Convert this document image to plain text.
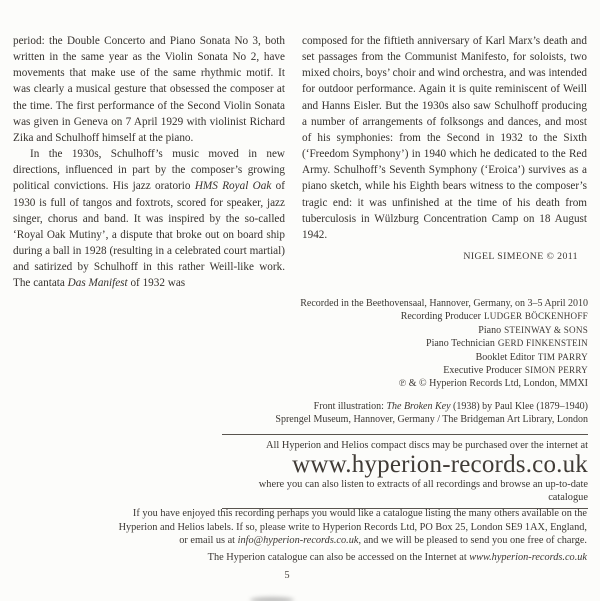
period: the Double Concerto and Piano Sonata No 3, both written in the same year as the Violin Sonata No 2, have movements that make use of the same rhythmic motif. It was clearly a musical gesture that obsessed the composer at the time. The first performance of the Second Violin Sonata was given in Geneva on 7 April 1929 with violinist Richard Zika and Schulhoff himself at the piano.

In the 1930s, Schulhoff’s music moved in new directions, influenced in part by the composer’s growing political convictions. His jazz oratorio HMS Royal Oak of 1930 is full of tangos and foxtrots, scored for speaker, jazz singer, chorus and band. It was inspired by the so-called ‘Royal Oak Mutiny’, a dispute that broke out on board ship during a ball in 1928 (resulting in a celebrated court martial) and satirized by Schulhoff in this rather Weill-like work. The cantata Das Manifest of 1932 was

composed for the fiftieth anniversary of Karl Marx’s death and set passages from the Communist Manifesto, for soloists, two mixed choirs, boys’ choir and wind orchestra, and was intended for outdoor performance. Again it is quite reminiscent of Weill and Hanns Eisler. But the 1930s also saw Schulhoff producing a number of arrangements of folksongs and dances, and most of his symphonies: from the Second in 1932 to the Sixth (‘Freedom Symphony’) in 1940 which he dedicated to the Red Army. Schulhoff’s Seventh Symphony (‘Eroica’) survives as a piano sketch, while his Eighth bears witness to the composer’s tragic end: it was unfinished at the time of his death from tuberculosis in Wülzburg Concentration Camp on 18 August 1942.

NIGEL SIMEONE © 2011
Recorded in the Beethovensaal, Hannover, Germany, on 3–5 April 2010
Recording Producer LUDGER BÖCKENHOFF
Piano STEINWAY & SONS
Piano Technician GERD FINKENSTEIN
Booklet Editor TIM PARRY
Executive Producer SIMON PERRY
℗ & © Hyperion Records Ltd, London, MMXI
Front illustration: The Broken Key (1938) by Paul Klee (1879–1940)
Sprengel Museum, Hannover, Germany / The Bridgeman Art Library, London
All Hyperion and Helios compact discs may be purchased over the internet at
www.hyperion-records.co.uk
where you can also listen to extracts of all recordings and browse an up-to-date catalogue
If you have enjoyed this recording perhaps you would like a catalogue listing the many others available on the Hyperion and Helios labels. If so, please write to Hyperion Records Ltd, PO Box 25, London SE9 1AX, England, or email us at info@hyperion-records.co.uk, and we will be pleased to send you one free of charge.
The Hyperion catalogue can also be accessed on the Internet at www.hyperion-records.co.uk
5
